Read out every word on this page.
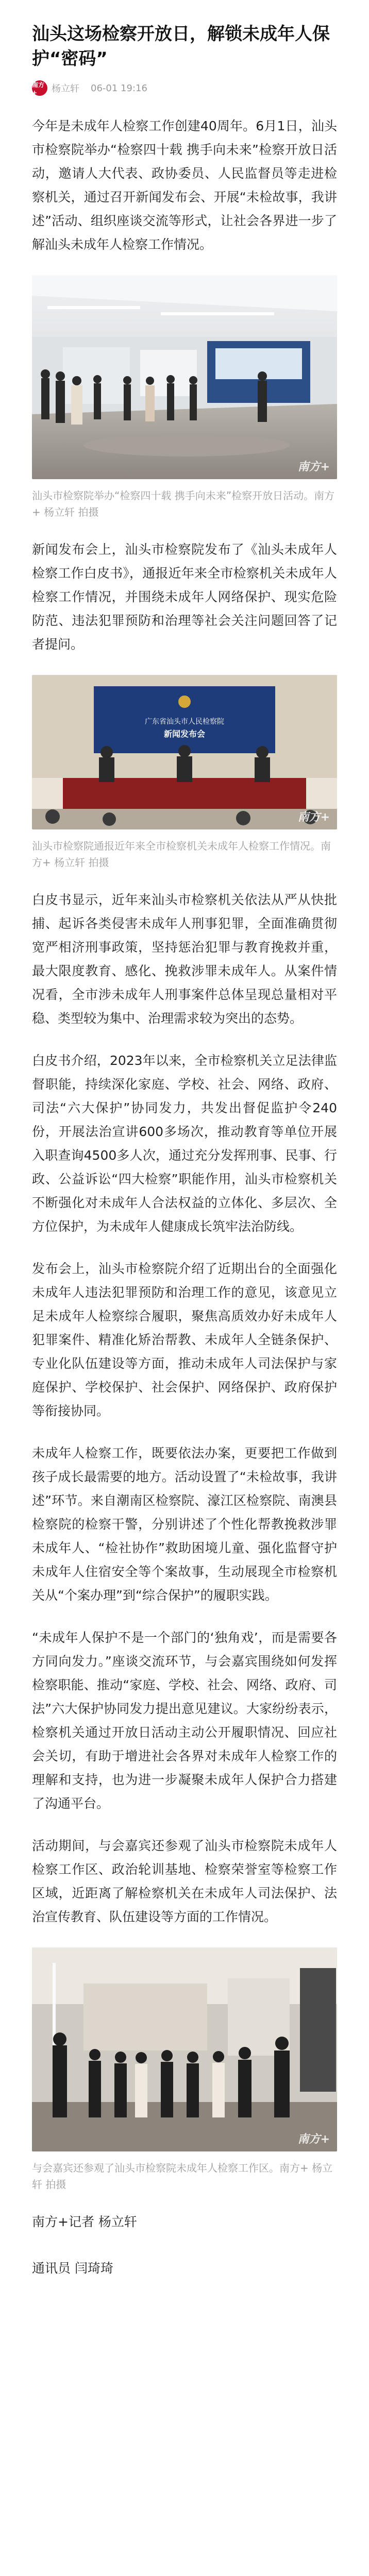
汕头这场检察开放日，解锁未成年人保护“密码”
南方+	杨立轩 06-01 19:16

今年是未成年人检察工作创建40周年。6月1日，汕头市检察院举办“检察四十载 携手向未来”检察开放日活动，邀请人大代表、政协委员、人民监督员等走进检察机关，通过召开新闻发布会、开展“未检故事，我讲述”活动、组织座谈交流等形式，让社会各界进一步了解汕头未成年人检察工作情况。

南方+
汕头市检察院举办“检察四十载 携手向未来”检察开放日活动。南方+ 杨立轩 拍摄

新闻发布会上，汕头市检察院发布了《汕头未成年人检察工作白皮书》，通报近年来全市检察机关未成年人检察工作情况，并围绕未成年人网络保护、现实危险防范、违法犯罪预防和治理等社会关注问题回答了记者提问。

广东省汕头市人民检察院
新闻发布会
南方+
汕头市检察院通报近年来全市检察机关未成年人检察工作情况。南方+ 杨立轩 拍摄

白皮书显示，近年来汕头市检察机关依法从严从快批捕、起诉各类侵害未成年人刑事犯罪，全面准确贯彻宽严相济刑事政策，坚持惩治犯罪与教育挽救并重，最大限度教育、感化、挽救涉罪未成年人。从案件情况看，全市涉未成年人刑事案件总体呈现总量相对平稳、类型较为集中、治理需求较为突出的态势。

白皮书介绍，2023年以来，全市检察机关立足法律监督职能，持续深化家庭、学校、社会、网络、政府、司法“六大保护”协同发力，共发出督促监护令240份，开展法治宣讲600多场次，推动教育等单位开展入职查询4500多人次，通过充分发挥刑事、民事、行政、公益诉讼“四大检察”职能作用，汕头市检察机关不断强化对未成年人合法权益的立体化、多层次、全方位保护，为未成年人健康成长筑牢法治防线。

发布会上，汕头市检察院介绍了近期出台的全面强化未成年人违法犯罪预防和治理工作的意见，该意见立足未成年人检察综合履职，聚焦高质效办好未成年人犯罪案件、精准化矫治帮教、未成年人全链条保护、专业化队伍建设等方面，推动未成年人司法保护与家庭保护、学校保护、社会保护、网络保护、政府保护等衔接协同。

未成年人检察工作，既要依法办案，更要把工作做到孩子成长最需要的地方。活动设置了“未检故事，我讲述”环节。来自潮南区检察院、濠江区检察院、南澳县检察院的检察干警，分别讲述了个性化帮教挽救涉罪未成年人、“检社协作”救助困境儿童、强化监督守护未成年人住宿安全等个案故事，生动展现全市检察机关从“个案办理”到“综合保护”的履职实践。

“未成年人保护不是一个部门的‘独角戏’，而是需要各方同向发力。”座谈交流环节，与会嘉宾围绕如何发挥检察职能、推动“家庭、学校、社会、网络、政府、司法”六大保护协同发力提出意见建议。大家纷纷表示，检察机关通过开放日活动主动公开履职情况、回应社会关切，有助于增进社会各界对未成年人检察工作的理解和支持，也为进一步凝聚未成年人保护合力搭建了沟通平台。

活动期间，与会嘉宾还参观了汕头市检察院未成年人检察工作区、政治轮训基地、检察荣誉室等检察工作区域，近距离了解检察机关在未成年人司法保护、法治宣传教育、队伍建设等方面的工作情况。

南方+
与会嘉宾还参观了汕头市检察院未成年人检察工作区。南方+ 杨立轩 拍摄
南方+记者 杨立轩
通讯员 闫琦琦
